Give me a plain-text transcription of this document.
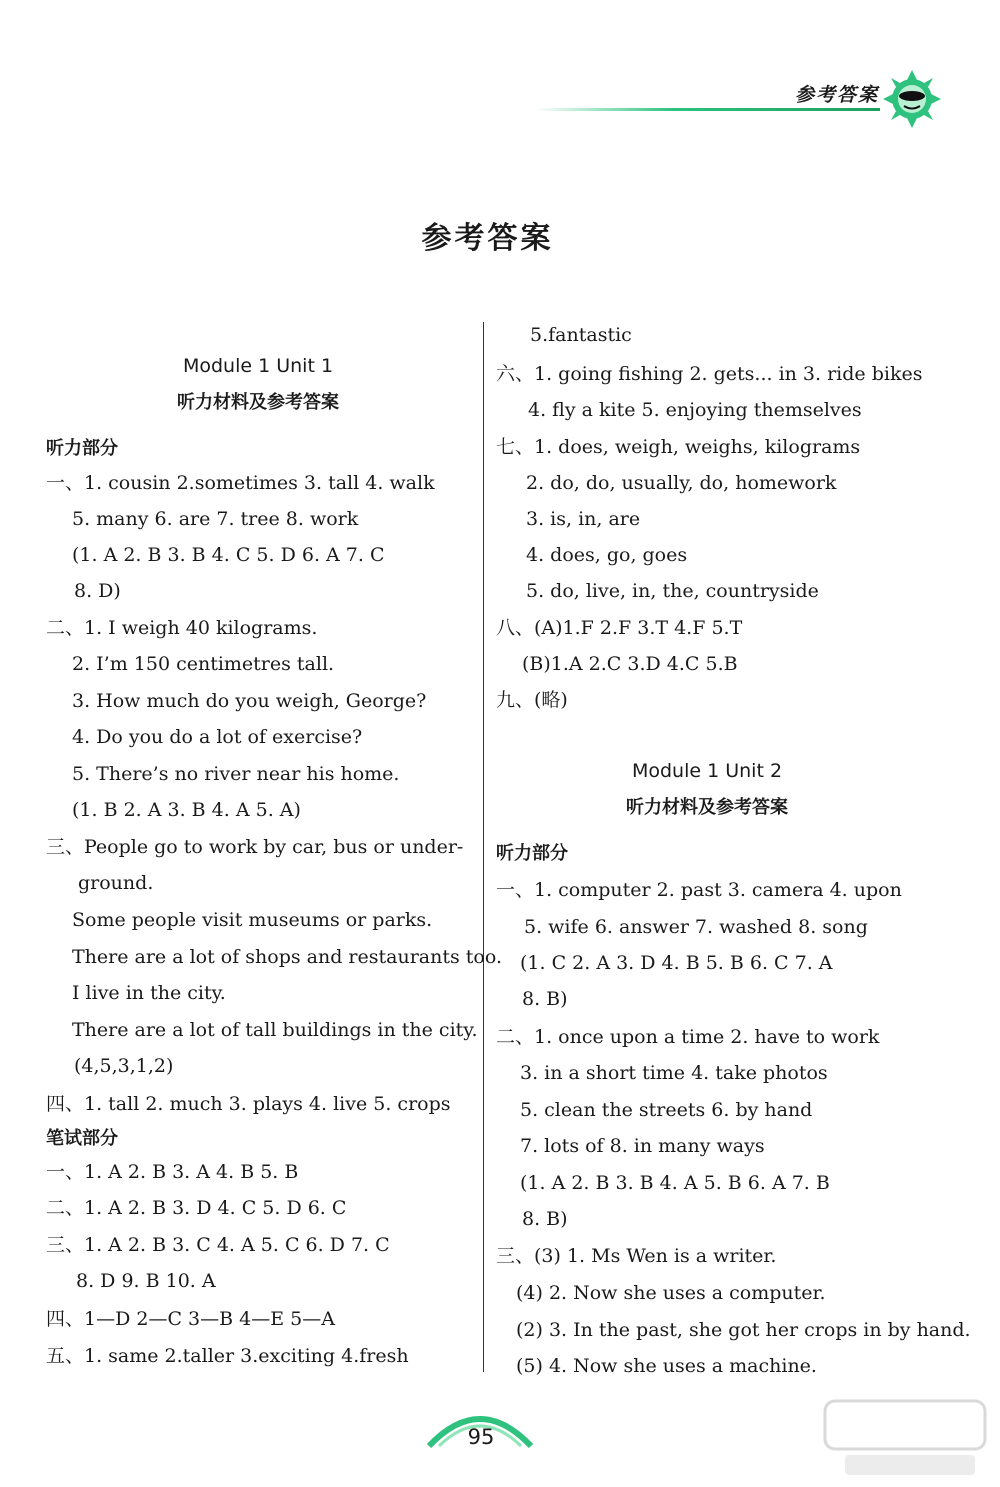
参考答案
参考答案
Module 1 Unit 1
听力材料及参考答案
听力部分
一、1. cousin 2.sometimes 3. tall 4. walk
5. many 6. are 7. tree 8. work
(1. A 2. B 3. B 4. C 5. D 6. A 7. C
8. D)
二、1. I weigh 40 kilograms.
2. I’m 150 centimetres tall.
3. How much do you weigh, George?
4. Do you do a lot of exercise?
5. There’s no river near his home.
(1. B 2. A 3. B 4. A 5. A)
三、People go to work by car, bus or under-
ground.
Some people visit museums or parks.
There are a lot of shops and restaurants too.
I live in the city.
There are a lot of tall buildings in the city.
(4,5,3,1,2)
四、1. tall 2. much 3. plays 4. live 5. crops
笔试部分
一、1. A 2. B 3. A 4. B 5. B
二、1. A 2. B 3. D 4. C 5. D 6. C
三、1. A 2. B 3. C 4. A 5. C 6. D 7. C
8. D 9. B 10. A
四、1—D 2—C 3—B 4—E 5—A
五、1. same 2.taller 3.exciting 4.fresh
5.fantastic
六、1. going fishing 2. gets... in 3. ride bikes
4. fly a kite 5. enjoying themselves
七、1. does, weigh, weighs, kilograms
2. do, do, usually, do, homework
3. is, in, are
4. does, go, goes
5. do, live, in, the, countryside
八、(A)1.F 2.F 3.T 4.F 5.T
(B)1.A 2.C 3.D 4.C 5.B
九、(略)
Module 1 Unit 2
听力材料及参考答案
听力部分
一、1. computer 2. past 3. camera 4. upon
5. wife 6. answer 7. washed 8. song
(1. C 2. A 3. D 4. B 5. B 6. C 7. A
8. B)
二、1. once upon a time 2. have to work
3. in a short time 4. take photos
5. clean the streets 6. by hand
7. lots of 8. in many ways
(1. A 2. B 3. B 4. A 5. B 6. A 7. B
8. B)
三、(3) 1. Ms Wen is a writer.
(4) 2. Now she uses a computer.
(2) 3. In the past, she got her crops in by hand.
(5) 4. Now she uses a machine.
95
